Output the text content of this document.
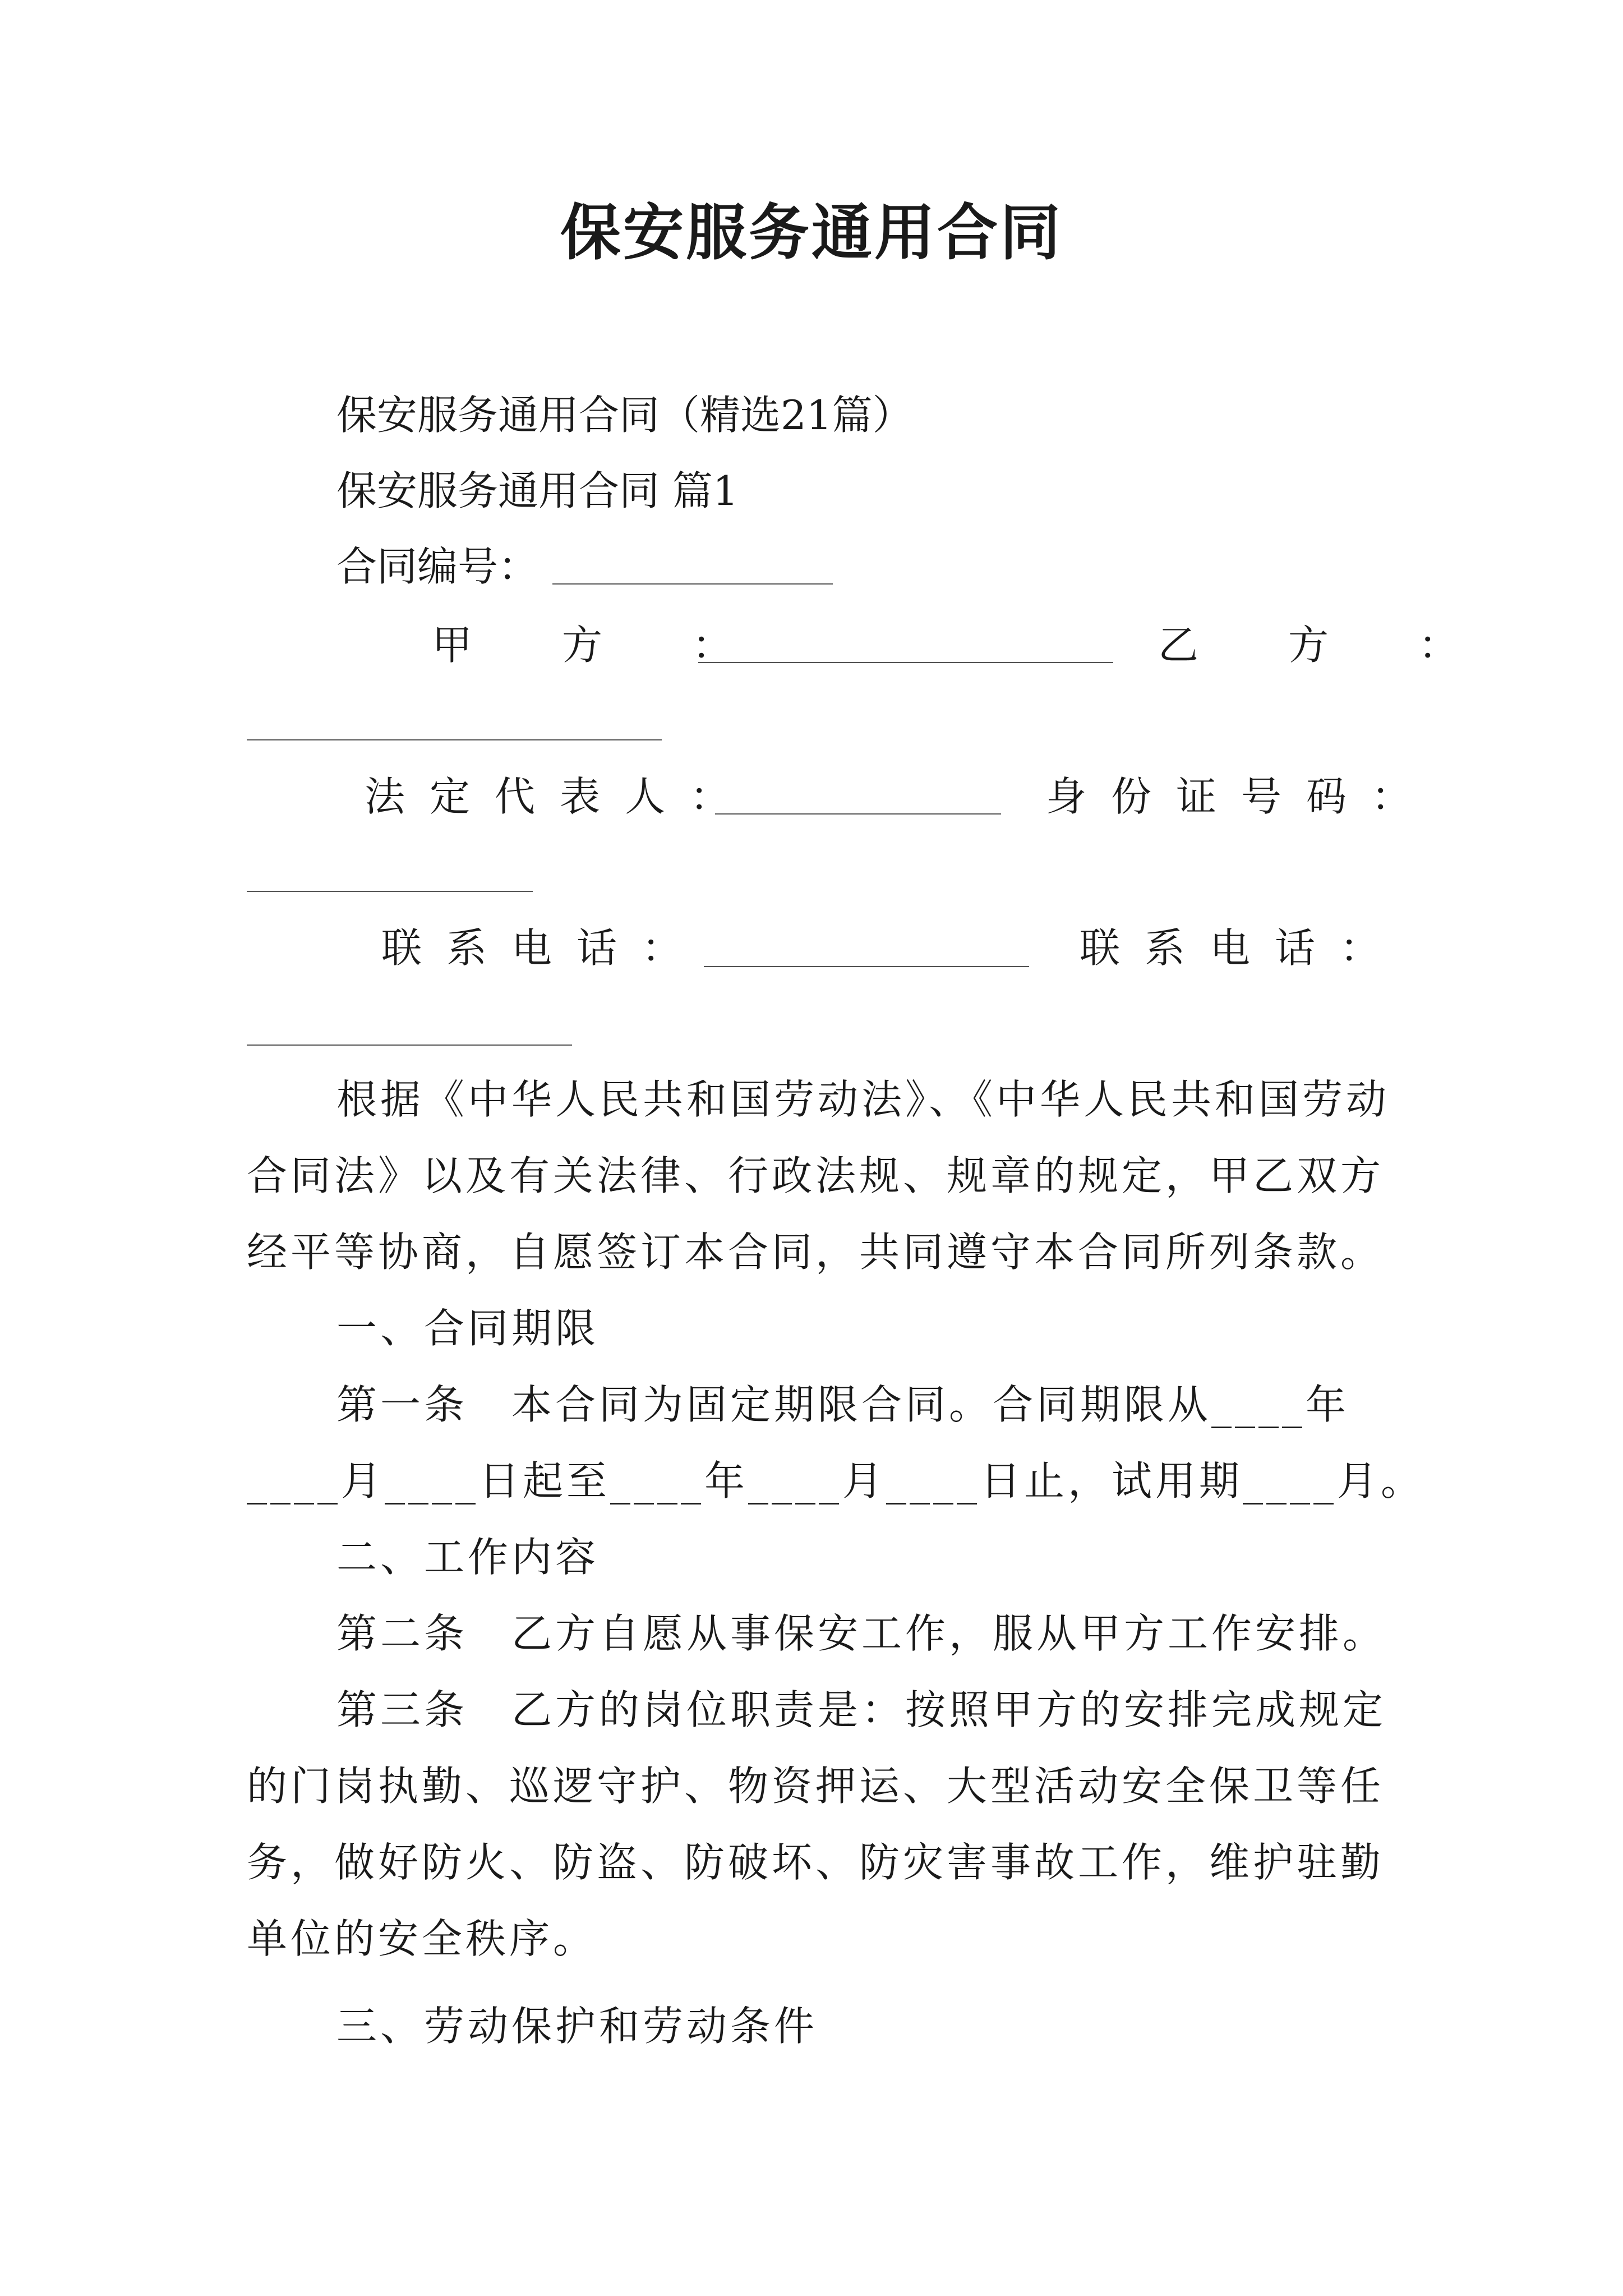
保安服务通用合同
保安服务通用合同（精选21篇）
保安服务通用合同 篇1
合同编号：
甲　方　：	乙　方　：
法定代表人：	身份证号码：
联系电话：	联系电话：
根据《中华人民共和国劳动法》、《中华人民共和国劳动
合同法》以及有关法律、行政法规、规章的规定，甲乙双方
经平等协商，自愿签订本合同，共同遵守本合同所列条款。
一、合同期限
第一条　本合同为固定期限合同。合同期限从____年
____月____日起至____年____月____日止，试用期____月。
二、工作内容
第二条　乙方自愿从事保安工作，服从甲方工作安排。
第三条　乙方的岗位职责是：按照甲方的安排完成规定
的门岗执勤、巡逻守护、物资押运、大型活动安全保卫等任
务，做好防火、防盗、防破坏、防灾害事故工作，维护驻勤
单位的安全秩序。
三、劳动保护和劳动条件
